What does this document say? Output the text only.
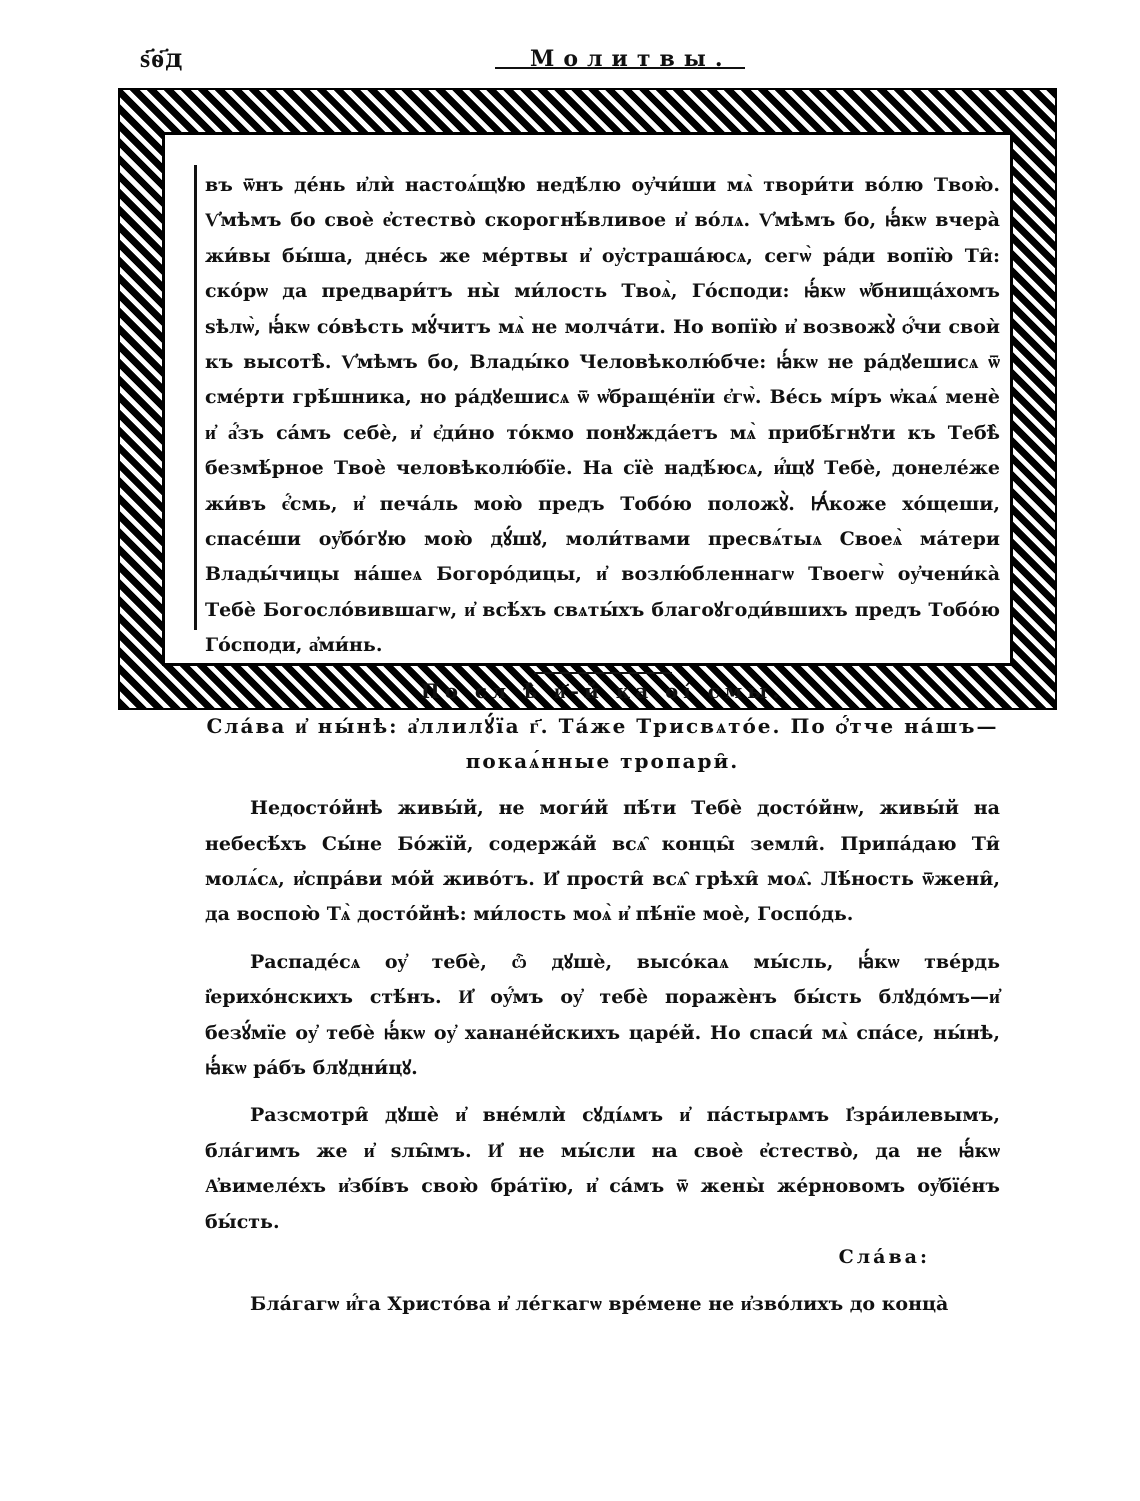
ѕ҃҃ѳ҃д	Молитвы.

въ ѿнъ де́нь и҆лѝ настоѧ́щꙋю недѣ́лю оу҆чи́ши мѧ̀ твори́ти во́лю Твою̀. Ѵ҆мѣмъ бо своѐ е҆стество̀ скорогнѣ́вливое и҆ во́лѧ. Ѵ҆мѣмъ бо, ꙗ҆́кѡ вчера̀ жи́вы бы́ша, дне́сь же ме́ртвы и҆ оу҆страша́юсѧ, сегѡ̀ ра́ди вопїю̀ Ти̑: ско́рѡ да предвари́тъ ны̀ ми́лость Твоѧ̀, Го́споди: ꙗ҆́кѡ ѡ҆бнища́хомъ ѕѣлѡ̀, ꙗ҆́кѡ со́вѣсть мꙋ́читъ мѧ̀ не молча́ти. Но вопїю̀ и҆ возвожꙋ̀ ѻ҆́чи своѝ къ высотѣ̀. Ѵ҆мѣмъ бо, Влады́ко Человѣколю́бче: ꙗ҆́кѡ не ра́дꙋешисѧ ѿ сме́рти грѣ́шника, но ра́дꙋешисѧ ѿ ѡ҆браще́нїи є҆гѡ̀. Ве́сь мі́ръ ѡ҆каѧ́ менѐ и҆ а҆́зъ са́мъ себѐ, и҆ є҆ди́но то́кмо понꙋжда́етъ мѧ̀ прибѣ́гнꙋти къ Тебѣ̀ безмѣ́рное Твоѐ человѣколю́бїе. На сїѐ надѣ́юсѧ, и҆́щꙋ Тебѐ, донеле́же жи́въ є҆́смь, и҆ печа́ль мою̀ предъ Тобо́ю положꙋ̀. Ꙗ҆́коже хо́щеши, спасе́ши оу҆бо́гꙋю мою̀ дꙋ́шꙋ, моли́твами пресвѧ́тыѧ Своеѧ̀ ма́тери Влады́чицы на́шеѧ Богоро́дицы, и҆ возлю́бленнагѡ Твоегѡ̀ оу҆чени́ка̀ Тебѐ Богосло́вившагѡ, и҆ всѣ́хъ свѧты́хъ благоꙋгоди́вшихъ предъ Тобо́ю Го́споди, а҆ми́нь.

По сл ѣ̀ и҃-й ка ѳі́ смы.

Сла́ва и҆ ны́нѣ: а҆ллилꙋ́їа г҃. Та́же Трисвѧто́е. По ѻ҆́тче на́шъ—покаѧ́нные тропари̑.

Недосто́йнѣ живы́й, не моги́й пѣ́ти Тебѐ досто́йнѡ, живы́й на небесѣ́хъ Сы́не Бо́жїй, содержа́й всѧ̑ концы̑ земли̑. Припа́даю Ти̑ молѧ́сѧ, и҆спра́ви мо́й живо́тъ. И҆ прости̑ всѧ̑ грѣхи̑ моѧ̑. Лѣ́ность ѿжени̑, да воспою̀ Тѧ̀ досто́йнѣ: ми́лость моѧ̀ и҆ пѣ́нїе моѐ, Госпо́дь.

Распаде́сѧ оу҆ тебѐ, ѽ дꙋшѐ, высо́каѧ мы́сль, ꙗ҆́кѡ тве́рдь і҆ерихо́нскихъ стѣ́нъ. И҆ оу҆́мъ оу҆ тебѐ поражѐнъ бы́сть блꙋдо́мъ—и҆ безꙋ́мїе оу҆ тебѐ ꙗ҆́кѡ оу҆ ханане́йскихъ царе́й. Но спаси́ мѧ̀ спа́се, ны́нѣ, ꙗ҆́кѡ ра́бъ блꙋдни́цꙋ.

Разсмотри̑ дꙋшѐ и҆ вне́млѝ сꙋді́ѧмъ и҆ па́стырѧмъ І҆зра́илевымъ, бла́гимъ же и҆ ѕлы̑мъ. И҆ не мы́сли на своѐ е҆стество̀, да не ꙗ҆́кѡ А҆вимеле́хъ и҆збі́въ свою̀ бра́тїю, и҆ са́мъ ѿ жены̀ же́рновомъ оу҆бїе́нъ бы́сть.

Сла́ва:

Бла́гагѡ и҆́га Христо́ва и҆ ле́гкагѡ вре́мене не и҆зво́лихъ до конца̀
